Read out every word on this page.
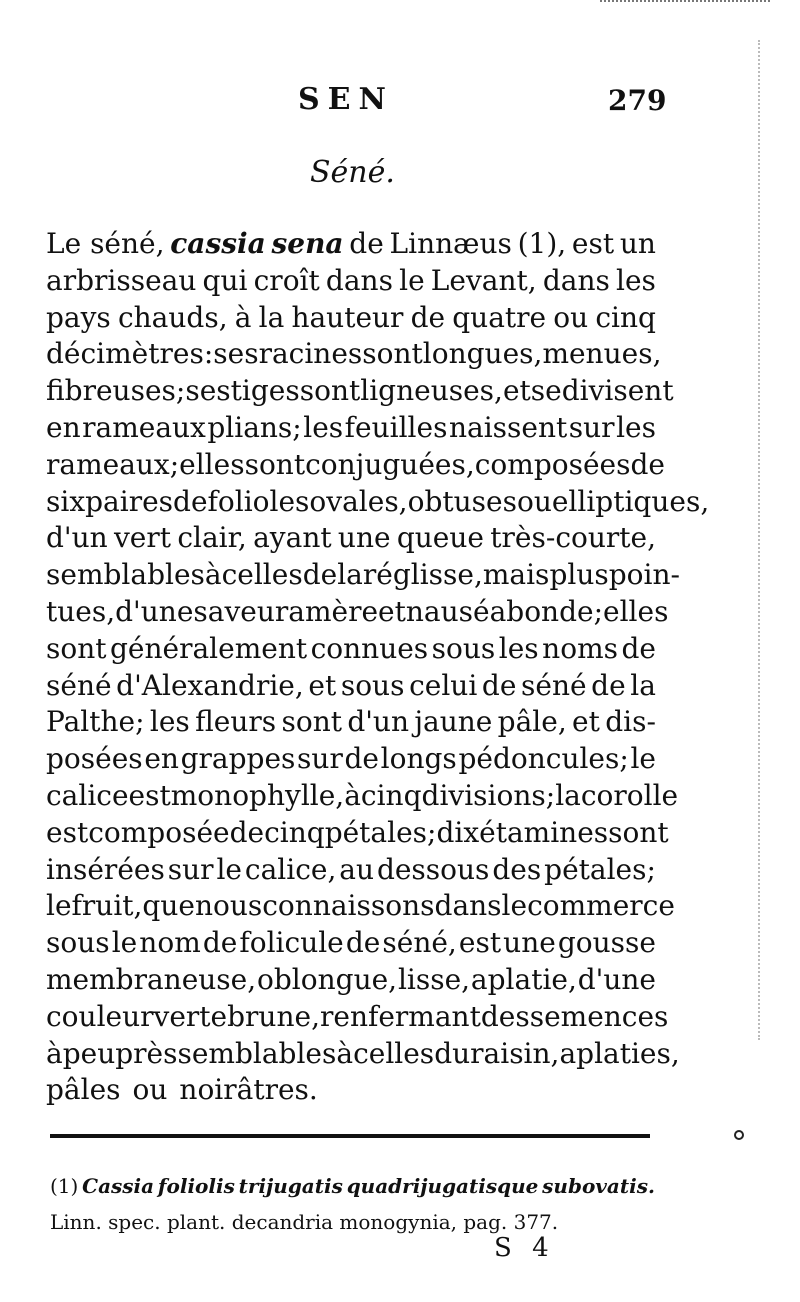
SEN	279
Séné.
Le séné, cassia sena de Linnæus (1), est un
arbrisseau qui croît dans le Levant, dans les
pays chauds, à la hauteur de quatre ou cinq
décimètres: ses racines sont longues, menues,
fibreuses; ses tiges sont ligneuses, et se divisent
en rameaux plians; les feuilles naissent sur les
rameaux; elles sont conjuguées, composées de
six paires de folioles ovales, obtuses ou elliptiques,
d'un vert clair, ayant une queue très-courte,
semblables à celles de la réglisse, mais plus poin-
tues, d'une saveur amère et nauséabonde; elles
sont généralement connues sous les noms de
séné d'Alexandrie, et sous celui de séné de la
Palthe; les fleurs sont d'un jaune pâle, et dis-
posées en grappes sur de longs pédoncules; le
calice est monophylle, à cinq divisions; la corolle
est composée de cinq pétales; dix étamines sont
insérées sur le calice, au dessous des pétales;
le fruit, que nous connaissons dans le commerce
sous le nom de folicule de séné, est une gousse
membraneuse, oblongue, lisse, aplatie, d'une
couleur verte brune, renfermant des semences
à peu près semblables à celles du raisin, aplaties,
pâles ou noirâtres.
(1) Cassia foliolis trijugatis quadrijugatisque subovatis.
Linn. spec. plant. decandria monogynia, pag. 377.
S 4
